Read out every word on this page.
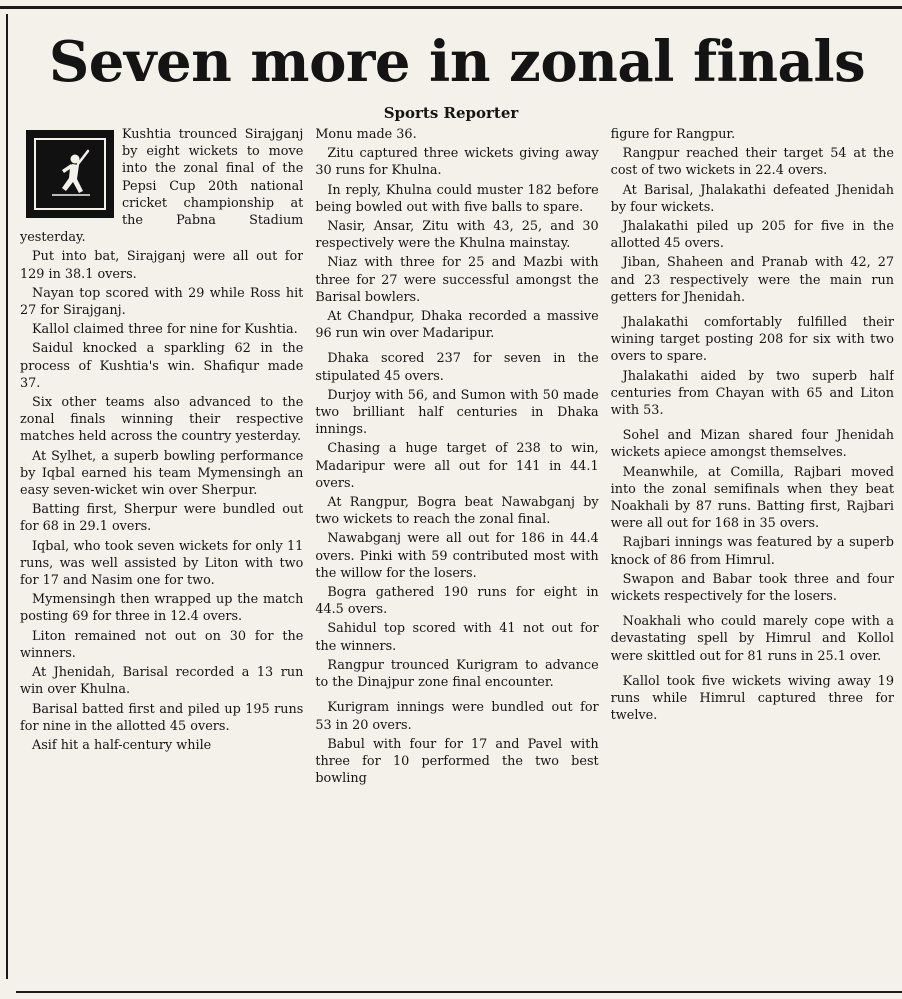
Seven more in zonal finals
Sports Reporter

Kushtia trounced Sirajganj by eight wickets to move into the zonal final of the Pepsi Cup 20th national cricket championship at the Pabna Stadium yesterday.

Put into bat, Sirajganj were all out for 129 in 38.1 overs.

Nayan top scored with 29 while Ross hit 27 for Sirajganj.

Kallol claimed three for nine for Kushtia.

Saidul knocked a sparkling 62 in the process of Kushtia's win. Shafiqur made 37.

Six other teams also advanced to the zonal finals winning their respective matches held across the country yesterday.

At Sylhet, a superb bowling performance by Iqbal earned his team Mymensingh an easy seven-wicket win over Sherpur.

Batting first, Sherpur were bundled out for 68 in 29.1 overs.

Iqbal, who took seven wickets for only 11 runs, was well assisted by Liton with two for 17 and Nasim one for two.

Mymensingh then wrapped up the match posting 69 for three in 12.4 overs.

Liton remained not out on 30 for the winners.

At Jhenidah, Barisal recorded a 13 run win over Khulna.

Barisal batted first and piled up 195 runs for nine in the allotted 45 overs.

Asif hit a half-century while

Monu made 36.

Zitu captured three wickets giving away 30 runs for Khulna.

In reply, Khulna could muster 182 before being bowled out with five balls to spare.

Nasir, Ansar, Zitu with 43, 25, and 30 respectively were the Khulna mainstay.

Niaz with three for 25 and Mazbi with three for 27 were successful amongst the Barisal bowlers.

At Chandpur, Dhaka recorded a massive 96 run win over Madaripur.

Dhaka scored 237 for seven in the stipulated 45 overs.

Durjoy with 56, and Sumon with 50 made two brilliant half centuries in Dhaka innings.

Chasing a huge target of 238 to win, Madaripur were all out for 141 in 44.1 overs.

At Rangpur, Bogra beat Nawabganj by two wickets to reach the zonal final.

Nawabganj were all out for 186 in 44.4 overs. Pinki with 59 contributed most with the willow for the losers.

Bogra gathered 190 runs for eight in 44.5 overs.

Sahidul top scored with 41 not out for the winners.

Rangpur trounced Kurigram to advance to the Dinajpur zone final encounter.

Kurigram innings were bundled out for 53 in 20 overs.

Babul with four for 17 and Pavel with three for 10 performed the two best bowling

figure for Rangpur.

Rangpur reached their target 54 at the cost of two wickets in 22.4 overs.

At Barisal, Jhalakathi defeated Jhenidah by four wickets.

Jhalakathi piled up 205 for five in the allotted 45 overs.

Jiban, Shaheen and Pranab with 42, 27 and 23 respectively were the main run getters for Jhenidah.

Jhalakathi comfortably fulfilled their wining target posting 208 for six with two overs to spare.

Jhalakathi aided by two superb half centuries from Chayan with 65 and Liton with 53.

Sohel and Mizan shared four Jhenidah wickets apiece amongst themselves.

Meanwhile, at Comilla, Rajbari moved into the zonal semifinals when they beat Noakhali by 87 runs. Batting first, Rajbari were all out for 168 in 35 overs.

Rajbari innings was featured by a superb knock of 86 from Himrul.

Swapon and Babar took three and four wickets respectively for the losers.

Noakhali who could marely cope with a devastating spell by Himrul and Kollol were skittled out for 81 runs in 25.1 over.

Kallol took five wickets wiving away 19 runs while Himrul captured three for twelve.
